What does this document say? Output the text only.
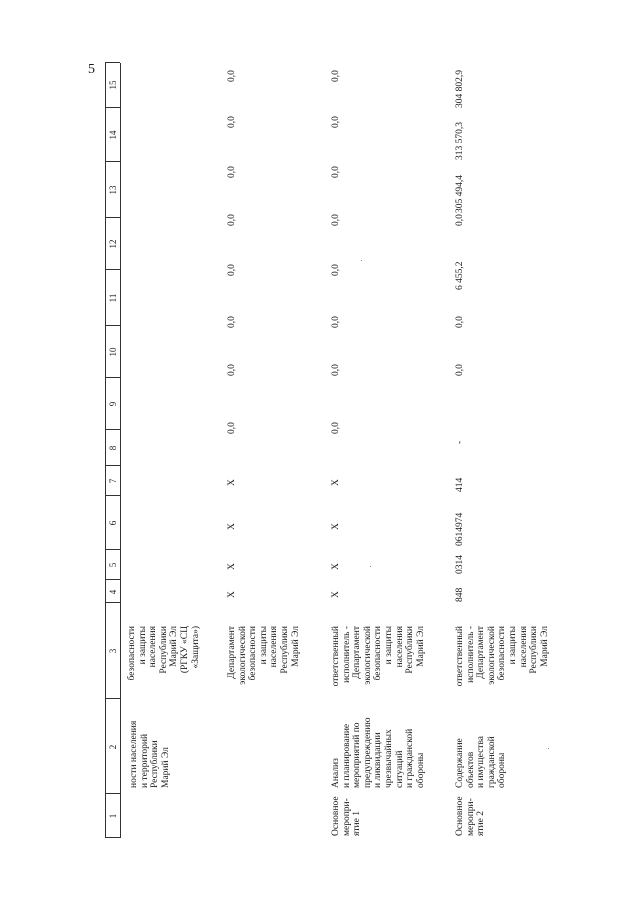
5
1
2
3
4
5
6
7
8
9
10
11
12
13
14
15
ности населения и территорий Республики Марий Эл
безопасности и защиты населения Республики Марий Эл (РГКУ «СЦ «Защита»)	Департамент экологической безопасности и защиты населения Республики Марий Эл
X
X
X
X
0,0
0,0
0,0
0,0
0,0
0,0
0,0
0,0
Основное меропри- ятие 1
Анализ и планирование мероприятий по предупреждению и ликвидации чрезвычайных ситуаций и гражданской обороны
ответственный исполнитель - Департамент экологической безопасности и защиты населения Республики Марий Эл
X
X
X
X
0,0
0,0
0,0
0,0
0,0
0,0
0,0
0,0
Основное меропри- ятие 2
Содержание объектов и имущества гражданской обороны
ответственный исполнитель - Департамент экологической безопасности и защиты населения Республики Марий Эл
848
0314
0614974
414
-
0,0
0,0
6 455,2
0,0
305 494,4
313 570,3
304 802,9
